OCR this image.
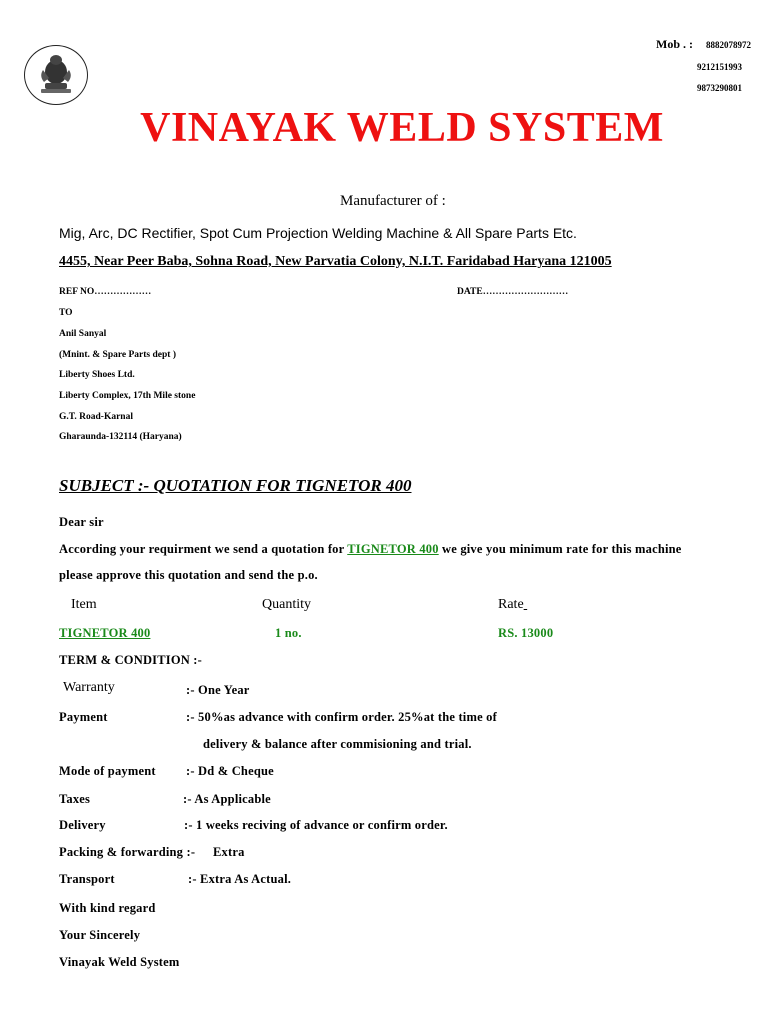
Mob . : 8882078972
9212151993
9873290801
VINAYAK WELD SYSTEM
Manufacturer of :
Mig, Arc, DC Rectifier, Spot Cum Projection Welding Machine & All Spare Parts Etc.
4455, Near Peer Baba, Sohna Road, New Parvatia Colony, N.I.T. Faridabad Haryana 121005
REF NO………………	DATE………………………
TO
Anil Sanyal
(Mnint. & Spare Parts dept )
Liberty Shoes Ltd.
Liberty Complex, 17th Mile stone
G.T. Road-Karnal
Gharaunda-132114 (Haryana)
SUBJECT :- QUOTATION FOR TIGNETOR 400
Dear sir
According your requirment we send a quotation for TIGNETOR 400 we give you minimum rate for this machine
please approve this quotation and send the p.o.
Item	Quantity	Rate
TIGNETOR 400	1 no.	RS. 13000
TERM & CONDITION :-
Warranty	:- One Year
Payment	:- 50%as advance with confirm order. 25%at the time of
delivery & balance after commisioning and trial.
Mode of payment :- Dd & Cheque
Taxes	:- As Applicable
Delivery	:- 1 weeks reciving of advance or confirm order.
Packing & forwarding :- Extra
Transport	:- Extra As Actual.
With kind regard
Your Sincerely
Vinayak Weld System
